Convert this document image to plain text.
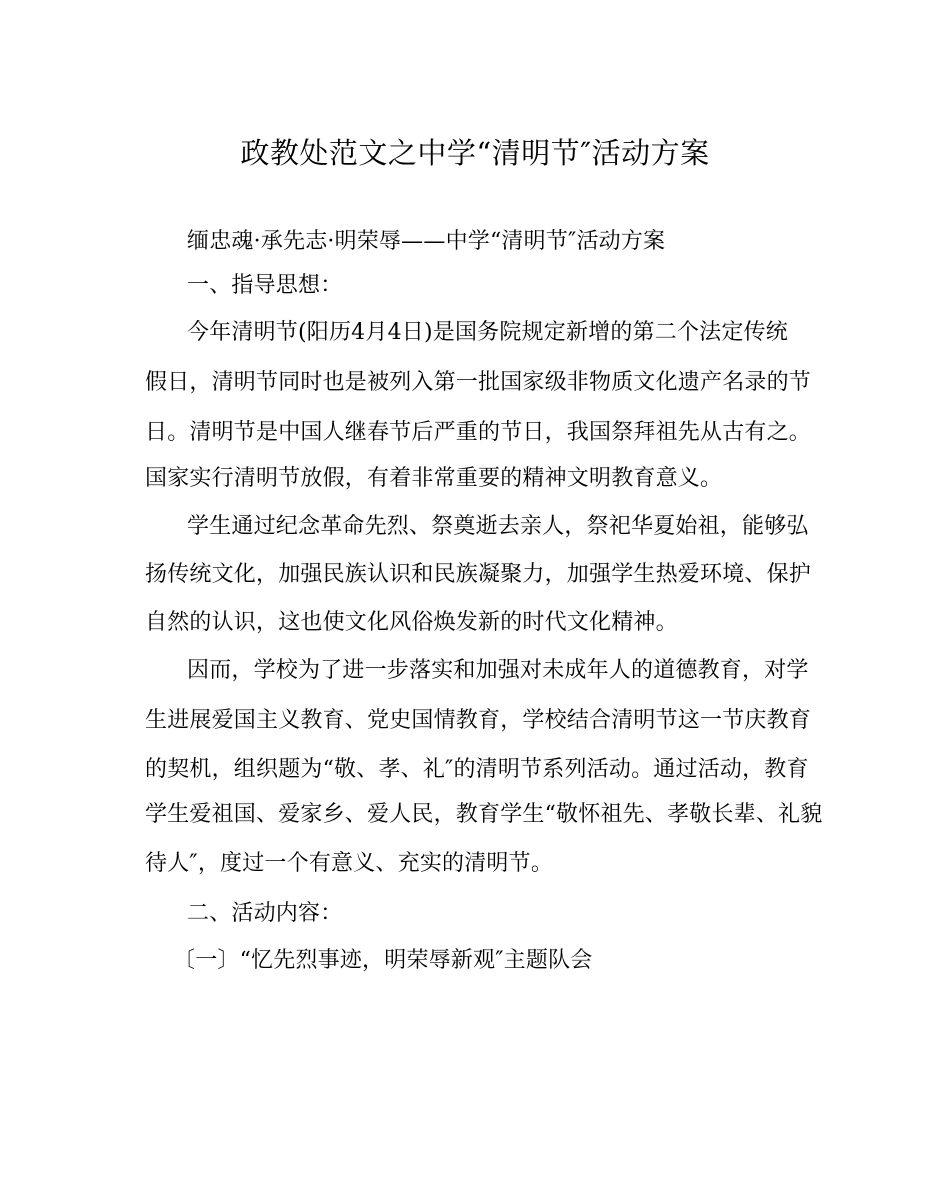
政教处范文之中学“清明节″活动方案
缅忠魂·承先志·明荣辱——中学“清明节″活动方案
一、指导思想：
今年清明节(阳历4月4日)是国务院规定新增的第二个法定传统
假日，清明节同时也是被列入第一批国家级非物质文化遗产名录的节
日。清明节是中国人继春节后严重的节日，我国祭拜祖先从古有之。
国家实行清明节放假，有着非常重要的精神文明教育意义。
学生通过纪念革命先烈、祭奠逝去亲人，祭祀华夏始祖，能够弘
扬传统文化，加强民族认识和民族凝聚力，加强学生热爱环境、保护
自然的认识，这也使文化风俗焕发新的时代文化精神。
因而，学校为了进一步落实和加强对未成年人的道德教育，对学
生进展爱国主义教育、党史国情教育，学校结合清明节这一节庆教育
的契机，组织题为“敬、孝、礼″的清明节系列活动。通过活动，教育
学生爱祖国、爱家乡、爱人民，教育学生“敬怀祖先、孝敬长辈、礼貌
待人″，度过一个有意义、充实的清明节。
二、活动内容：
〔一〕“忆先烈事迹，明荣辱新观″主题队会
